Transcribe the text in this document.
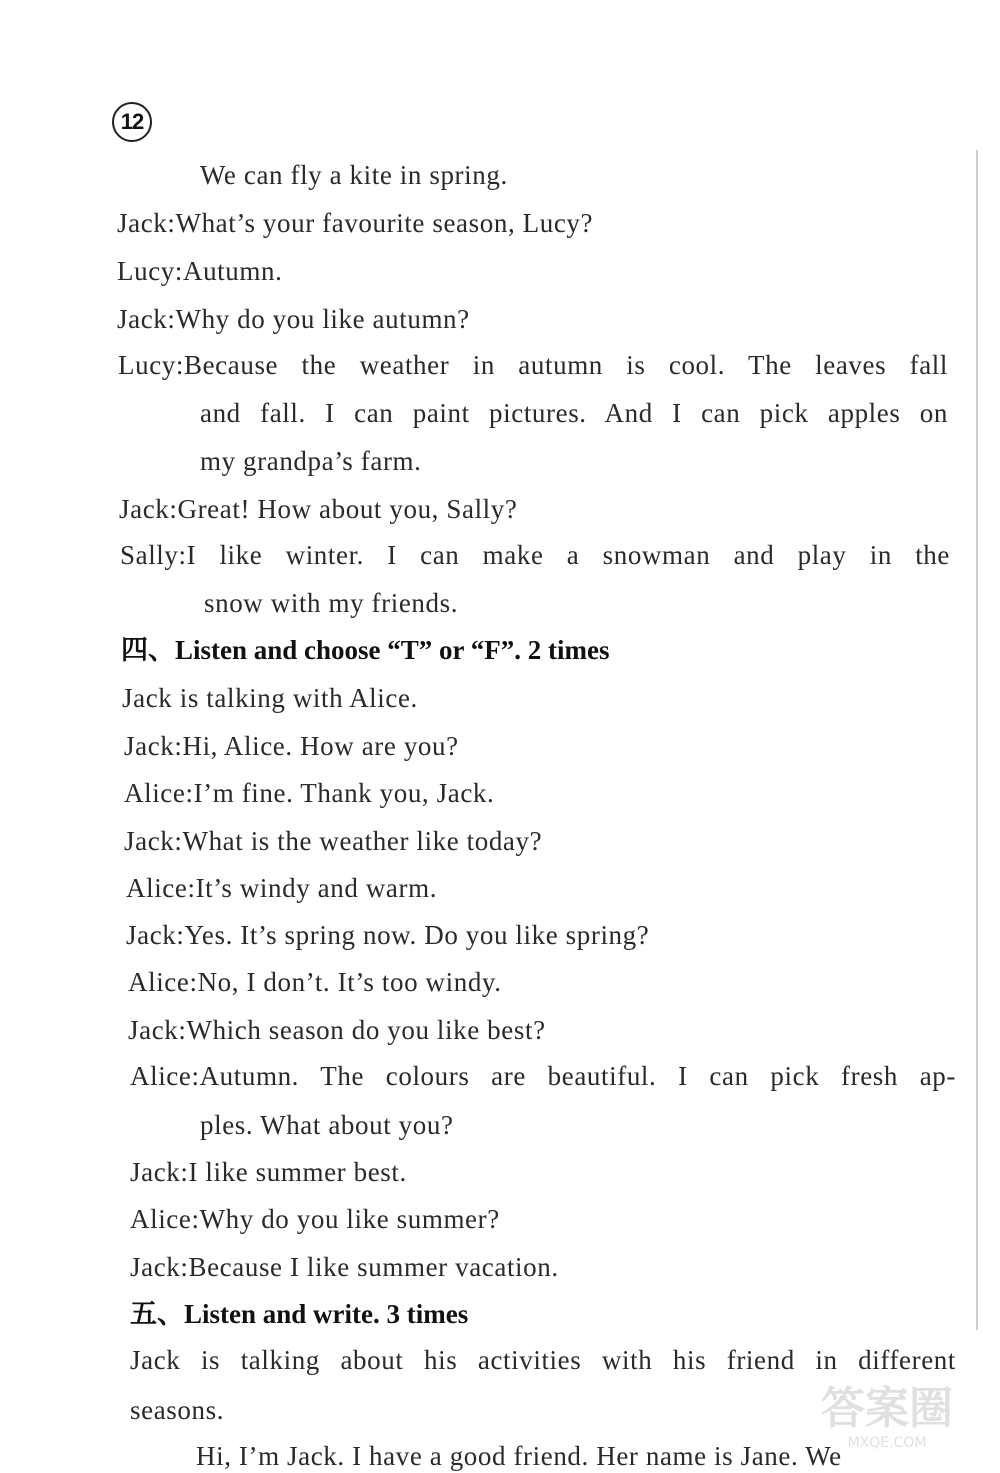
12
We can fly a kite in spring.
Jack:What’s your favourite season, Lucy?
Lucy:Autumn.
Jack:Why do you like autumn?
Lucy:Because the weather in autumn is cool. The leaves fall
and fall. I can paint pictures. And I can pick apples on
my grandpa’s farm.
Jack:Great! How about you, Sally?
Sally:I like winter. I can make a snowman and play in the
snow with my friends.
四、Listen and choose “T” or “F”. 2 times
Jack is talking with Alice.
Jack:Hi, Alice. How are you?
Alice:I’m fine. Thank you, Jack.
Jack:What is the weather like today?
Alice:It’s windy and warm.
Jack:Yes. It’s spring now. Do you like spring?
Alice:No, I don’t. It’s too windy.
Jack:Which season do you like best?
Alice:Autumn. The colours are beautiful. I can pick fresh ap-
ples. What about you?
Jack:I like summer best.
Alice:Why do you like summer?
Jack:Because I like summer vacation.
五、Listen and write. 3 times
Jack is talking about his activities with his friend in different
seasons.
Hi, I’m Jack. I have a good friend. Her name is Jane. We
答案圈
MXQE.COM
